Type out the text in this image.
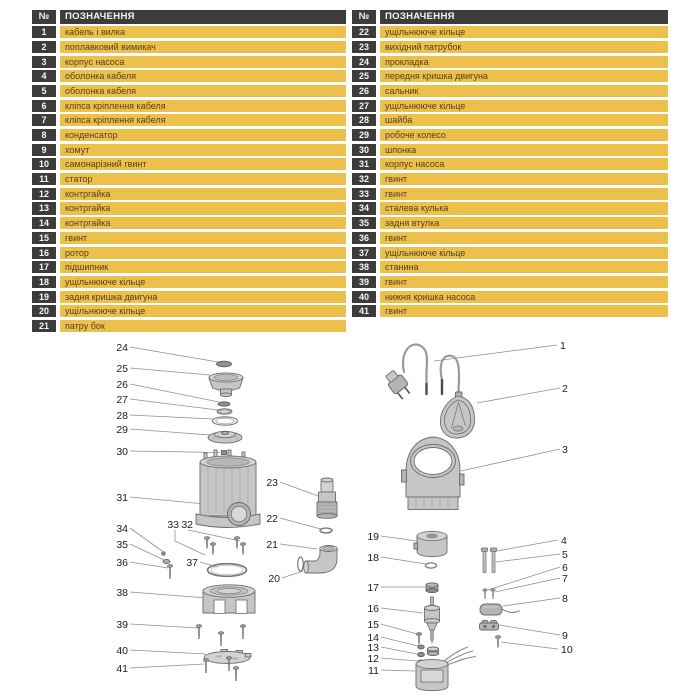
№	ПОЗНАЧЕННЯ
1	кабель і вилка
2	поплавковий вимикач
3	корпус насоса
4	оболонка кабеля
5	оболонка кабеля
6	кліпса кріплення кабеля
7	кліпса кріплення кабеля
8	конденсатор
9	хомут
10	самонарізний гвинт
11	статор
12	контргайка
13	контргайка
14	контргайка
15	гвинт
16	ротор
17	підшипник
18	ущільнююче кільце
19	задня кришка двигуна
20	ущільнююче кільце
21	патру бок
№	ПОЗНАЧЕННЯ
22	ущільнююче кільце
23	вихідний патрубок
24	прокладка
25	передня кришка двигуна
26	сальник
27	ущільнююче кільце
28	шайба
29	робоче колесо
30	шпонка
31	корпус насоса
32	гвинт
33	гвинт
34	сталева кулька
35	задня втулка
36	гвинт
37	ущільнююче кільце
38	станина
39	гвинт
40	нижня кришка насоса
41	гвинт
24
25
26
27
28
29
30
31
23
22
21
20
33 32
34
35
36	37
38
39
40
41
1
2
3
19
18
17
16
15
14
13
12
11
4
5
6
7
8
9
10
